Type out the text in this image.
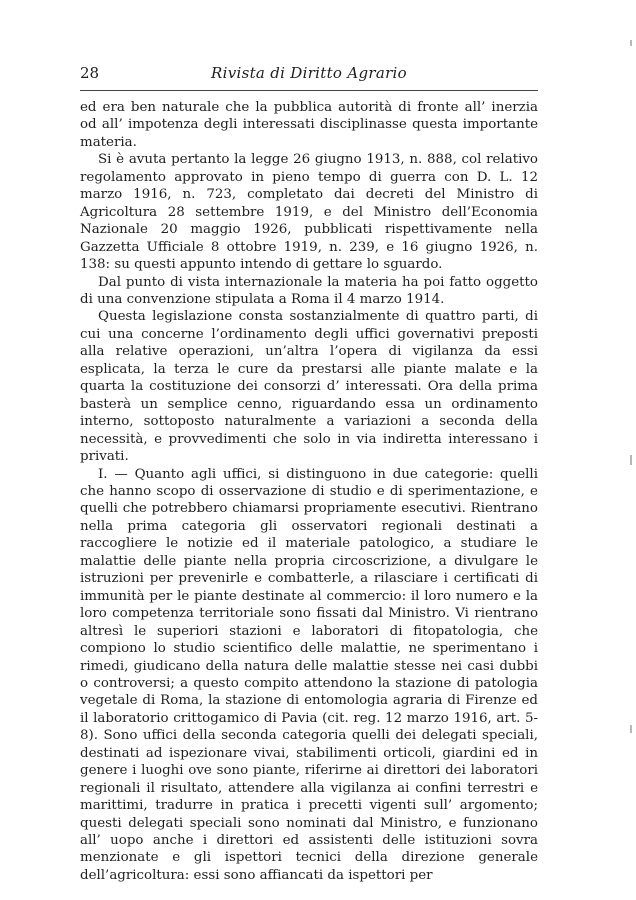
28	Rivista di Diritto Agrario

ed era ben naturale che la pubblica autorità di fronte all’ inerzia od all’ impotenza degli interessati disciplinasse questa importante materia.

Si è avuta pertanto la legge 26 giugno 1913, n. 888, col relativo regolamento approvato in pieno tempo di guerra con D. L. 12 marzo 1916, n. 723, completato dai decreti del Ministro di Agricoltura 28 settembre 1919, e del Ministro dell’Economia Nazionale 20 maggio 1926, pubblicati rispettivamente nella Gazzetta Ufficiale 8 ottobre 1919, n. 239, e 16 giugno 1926, n. 138: su questi appunto intendo di gettare lo sguardo.

Dal punto di vista internazionale la materia ha poi fatto oggetto di una convenzione stipulata a Roma il 4 marzo 1914.

Questa legislazione consta sostanzialmente di quattro parti, di cui una concerne l’ordinamento degli uffici governativi preposti alla relative operazioni, un’altra l’opera di vigilanza da essi esplicata, la terza le cure da prestarsi alle piante malate e la quarta la costituzione dei consorzi d’ interessati. Ora della prima basterà un semplice cenno, riguardando essa un ordinamento interno, sottoposto naturalmente a variazioni a seconda della necessità, e provvedimenti che solo in via indiretta interessano i privati.

I. — Quanto agli uffici, si distinguono in due categorie: quelli che hanno scopo di osservazione di studio e di sperimentazione, e quelli che potrebbero chiamarsi propriamente esecutivi. Rientrano nella prima categoria gli osservatori regionali destinati a raccogliere le notizie ed il materiale patologico, a studiare le malattie delle piante nella propria circoscrizione, a divulgare le istruzioni per prevenirle e combatterle, a rilasciare i certificati di immunità per le piante destinate al commercio: il loro numero e la loro competenza territoriale sono fissati dal Ministro. Vi rientrano altresì le superiori stazioni e laboratori di fitopatologia, che compiono lo studio scientifico delle malattie, ne sperimentano i rimedi, giudicano della natura delle malattie stesse nei casi dubbi o controversi; a questo compito attendono la stazione di patologia vegetale di Roma, la stazione di entomologia agraria di Firenze ed il laboratorio crittogamico di Pavia (cit. reg. 12 marzo 1916, art. 5-8). Sono uffici della seconda categoria quelli dei delegati speciali, destinati ad ispezionare vivai, stabilimenti orticoli, giardini ed in genere i luoghi ove sono piante, riferirne ai direttori dei laboratori regionali il risultato, attendere alla vigilanza ai confini terrestri e marittimi, tradurre in pratica i precetti vigenti sull’ argomento; questi delegati speciali sono nominati dal Ministro, e funzionano all’ uopo anche i direttori ed assistenti delle istituzioni sovra menzionate e gli ispettori tecnici della direzione generale dell’agricoltura: essi sono affiancati da ispettori per
